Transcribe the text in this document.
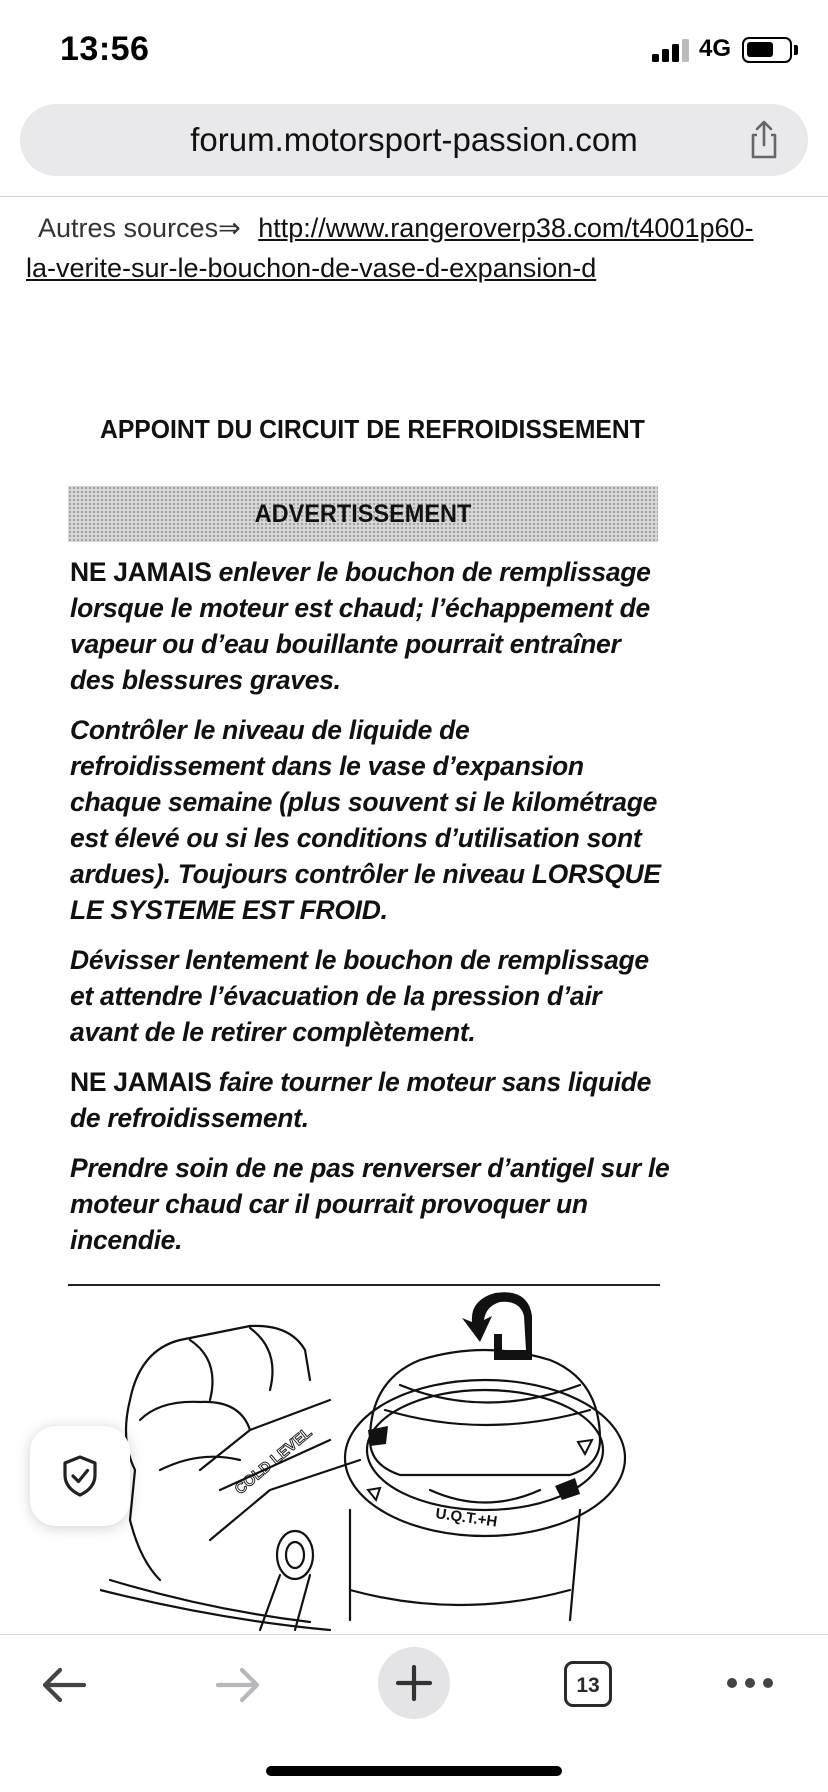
13:56	4G
forum.motorsport-passion.com
Autres sources⇒ http://www.rangeroverp38.com/t4001p60-
la-verite-sur-le-bouchon-de-vase-d-expansion-d
APPOINT DU CIRCUIT DE REFROIDISSEMENT
ADVERTISSEMENT
NE JAMAIS enlever le bouchon de remplissage lorsque le moteur est chaud; l’échappement de vapeur ou d’eau bouillante pourrait entraîner des blessures graves.
Contrôler le niveau de liquide de refroidissement dans le vase d’expansion chaque semaine (plus souvent si le kilométrage est élevé ou si les conditions d’utilisation sont ardues). Toujours contrôler le niveau LORSQUE LE SYSTEME EST FROID.
Dévisser lentement le bouchon de remplissage et attendre l’évacuation de la pression d’air avant de le retirer complètement.
NE JAMAIS faire tourner le moteur sans liquide de refroidissement.
Prendre soin de ne pas renverser d’antigel sur le moteur chaud car il pourrait provoquer un incendie.
COLD LEVEL
U.Q.T.+H
13
